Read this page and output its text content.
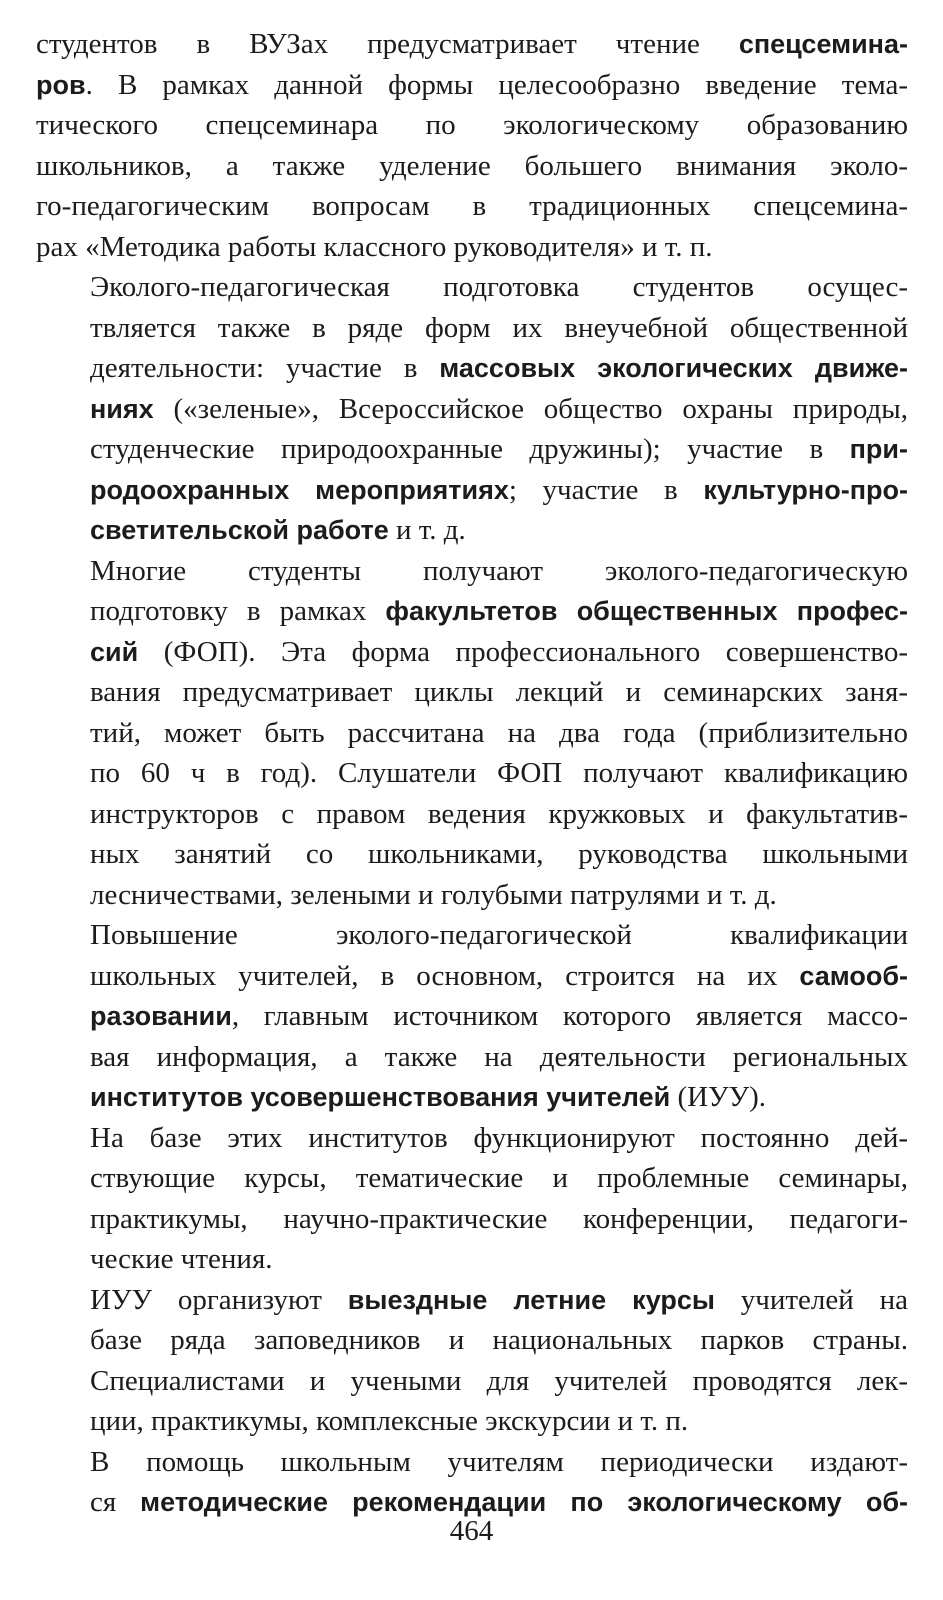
студентов в ВУЗах предусматривает чтение спецсемина-
ров. В рамках данной формы целесообразно введение тема-
тического спецсеминара по экологическому образованию
школьников, а также уделение большего внимания эколо-
го-педагогическим вопросам в традиционных спецсемина-
рах «Методика работы классного руководителя» и т. п.

Эколого-педагогическая подготовка студентов осущес-
твляется также в ряде форм их внеучебной общественной
деятельности: участие в массовых экологических движе-
ниях («зеленые», Всероссийское общество охраны природы,
студенческие природоохранные дружины); участие в при-
родоохранных мероприятиях; участие в культурно-про-
светительской работе и т. д.

Многие студенты получают эколого-педагогическую
подготовку в рамках факультетов общественных профес-
сий (ФОП). Эта форма профессионального совершенство-
вания предусматривает циклы лекций и семинарских заня-
тий, может быть рассчитана на два года (приблизительно
по 60 ч в год). Слушатели ФОП получают квалификацию
инструкторов с правом ведения кружковых и факультатив-
ных занятий со школьниками, руководства школьными
лесничествами, зелеными и голубыми патрулями и т. д.

Повышение эколого-педагогической квалификации
школьных учителей, в основном, строится на их самооб-
разовании, главным источником которого является массо-
вая информация, а также на деятельности региональных
институтов усовершенствования учителей (ИУУ).

На базе этих институтов функционируют постоянно дей-
ствующие курсы, тематические и проблемные семинары,
практикумы, научно-практические конференции, педагоги-
ческие чтения.

ИУУ организуют выездные летние курсы учителей на
базе ряда заповедников и национальных парков страны.
Специалистами и учеными для учителей проводятся лек-
ции, практикумы, комплексные экскурсии и т. п.

В помощь школьным учителям периодически издают-
ся методические рекомендации по экологическому об-

464
